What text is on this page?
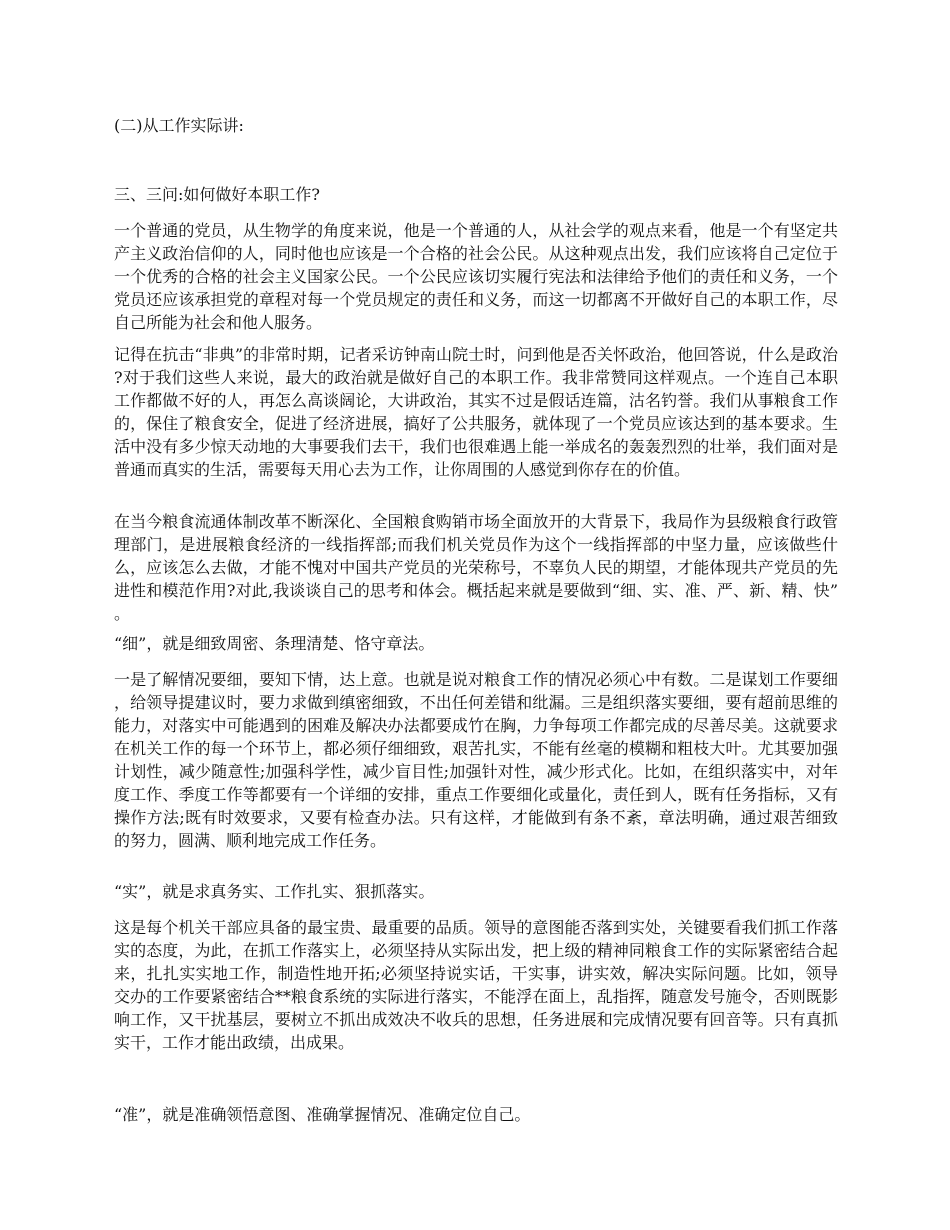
(二)从工作实际讲:
三、三问:如何做好本职工作?
一个普通的党员，从生物学的角度来说，他是一个普通的人，从社会学的观点来看，他是一个有坚定共产主义政治信仰的人，同时他也应该是一个合格的社会公民。从这种观点出发，我们应该将自己定位于一个优秀的合格的社会主义国家公民。一个公民应该切实履行宪法和法律给予他们的责任和义务，一个党员还应该承担党的章程对每一个党员规定的责任和义务，而这一切都离不开做好自己的本职工作，尽自己所能为社会和他人服务。
记得在抗击“非典”的非常时期，记者采访钟南山院士时，问到他是否关怀政治，他回答说，什么是政治?对于我们这些人来说，最大的政治就是做好自己的本职工作。我非常赞同这样观点。一个连自己本职工作都做不好的人，再怎么高谈阔论，大讲政治，其实不过是假话连篇，沽名钓誉。我们从事粮食工作的，保住了粮食安全，促进了经济进展，搞好了公共服务，就体现了一个党员应该达到的基本要求。生活中没有多少惊天动地的大事要我们去干，我们也很难遇上能一举成名的轰轰烈烈的壮举，我们面对是普通而真实的生活，需要每天用心去为工作，让你周围的人感觉到你存在的价值。
在当今粮食流通体制改革不断深化、全国粮食购销市场全面放开的大背景下，我局作为县级粮食行政管理部门，是进展粮食经济的一线指挥部;而我们机关党员作为这个一线指挥部的中坚力量，应该做些什么，应该怎么去做，才能不愧对中国共产党员的光荣称号，不辜负人民的期望，才能体现共产党员的先进性和模范作用?对此,我谈谈自己的思考和体会。概括起来就是要做到“细、实、准、严、新、精、快”。
“细”，就是细致周密、条理清楚、恪守章法。
一是了解情况要细，要知下情，达上意。也就是说对粮食工作的情况必须心中有数。二是谋划工作要细，给领导提建议时，要力求做到缜密细致，不出任何差错和纰漏。三是组织落实要细，要有超前思维的能力，对落实中可能遇到的困难及解决办法都要成竹在胸，力争每项工作都完成的尽善尽美。这就要求在机关工作的每一个环节上，都必须仔细细致，艰苦扎实，不能有丝毫的模糊和粗枝大叶。尤其要加强计划性，减少随意性;加强科学性，减少盲目性;加强针对性，减少形式化。比如，在组织落实中，对年度工作、季度工作等都要有一个详细的安排，重点工作要细化或量化，责任到人，既有任务指标，又有操作方法;既有时效要求，又要有检查办法。只有这样，才能做到有条不紊，章法明确，通过艰苦细致的努力，圆满、顺利地完成工作任务。
“实”，就是求真务实、工作扎实、狠抓落实。
这是每个机关干部应具备的最宝贵、最重要的品质。领导的意图能否落到实处，关键要看我们抓工作落实的态度，为此，在抓工作落实上，必须坚持从实际出发，把上级的精神同粮食工作的实际紧密结合起来，扎扎实实地工作，制造性地开拓;必须坚持说实话，干实事，讲实效，解决实际问题。比如，领导交办的工作要紧密结合**粮食系统的实际进行落实，不能浮在面上，乱指挥，随意发号施令，否则既影响工作，又干扰基层，要树立不抓出成效决不收兵的思想，任务进展和完成情况要有回音等。只有真抓实干，工作才能出政绩，出成果。
“准”，就是准确领悟意图、准确掌握情况、准确定位自己。
